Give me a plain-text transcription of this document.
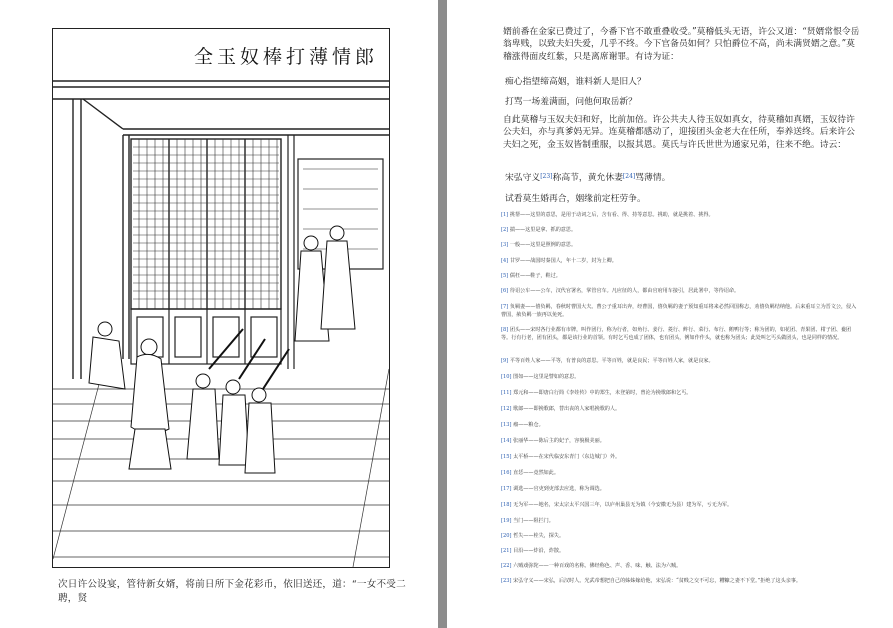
全玉奴棒打薄情郎
次日许公设宴，管待新女婿，将前日所下金花彩币，依旧送还，道：“一女不受二聘，贤
婿前番在金家已费过了，今番下官不敢重叠收受。”莫稽低头无语，许公又道：“贤婿常恨令岳翁卑贱，以致夫妇失爱，几乎不终。今下官备员如何？只怕爵位不高，尚未满贤婿之意。”莫稽涨得面皮红紫，只是离席谢罪。有诗为证：
痴心指望缔高姻，谁料新人是旧人？
打骂一场羞满面，问他何取岳新？
自此莫稽与玉奴夫妇和好，比前加倍。许公共夫人待玉奴如真女，待莫稽如真婿，玉奴待许公夫妇，亦与真爹妈无异。连莫稽都感动了，迎接团头金老大在任所，奉养送终。后来许公夫妇之死，金玉奴皆制重服，以报其恩。莫氏与许氏世世为通家兄弟，往来不绝。诗云：
宋弘守义[23]称高节，黄允休妻[24]骂薄情。
试看莫生婚再合，姻缘前定枉劳争。
[1] 挑帮——这里的意思，是用于动词之后，含有看、得、持等意思。挑助，就是挑着、挑得。
[2] 揣——这里是拿、抓的意思。
[3] 一般——这里是照例的意思。
[4] 甘罗——战国时秦国人，年十二岁，封为上卿。
[5] 儒枉——鞋子，鞋过。
[6] 待诏公车——公车，汉代官署名，掌管官车。凡应征的人，都由官府用车接引，居此署中，等待诏命。
[7] 负羁妻——僖负羁，春秋时曹国大夫。曹公子重耳出奔，经曹国，僖负羁的妻子预知重耳将来必然回国称志，劝僖负羁结纳他。后来重耳立为晋文公，侵入曹国，赦负羁一族再以免死。
[8] 团头——宋时各行业都有市牌，叫作团行，称为行者，如角行、姜行、菱行、鲊行、菜行、布行、鹅鸭行等；称为团的，如花团、青果团、柑子团、鲞团等。行有行老，团有团头，都是该行业的首领。有时乞丐也成了团体，也有团头，例如作作头，就也称为团头；此处叫乞丐头做团头，也是同样的情况。
[9] 平等百姓人家——平等，有普良的意思。平等百姓，就是良民；平等百姓人家，就是良家。
[10] 图如——这里是譬如的意思。
[11] 郑元和——即唐白行简《李娃传》中的郑生，未登第时，曾沦为挽歌郎和乞丐。
[12] 歌郎——即挽歌郎，替出丧的人家唱挽歌的人。
[13] 瘤——粮仓。
[14] 张丽华——陈后主的妃子，容貌极美丽。
[15] 太平桥——在宋代临安东青门（东边城门）外。
[16] 直恁——竟然如此。
[17] 调选——官吏到吏部去应选，称为调选。
[18] 无为军——地名，宋太宗太平兴国三年，以庐州巢县无为镇（今安徽无为县）建为军，亏无为军。
[19] 当门——阻拦门。
[20] 哲失——栓失，探失。
[21] 目沿——炸沿，炸散。
[22] 六贼戏弥陀——一种百戏的名称。佛经称色、声、香、味、触、法为六贼。
[23] 宋弘守义——宋弘，后汉时人。光武帝想把自己的姊姊嫁给他，宋弘说：“贫贱之交不可忘，糟糠之妻不下堂。”拒绝了这头亲事。
